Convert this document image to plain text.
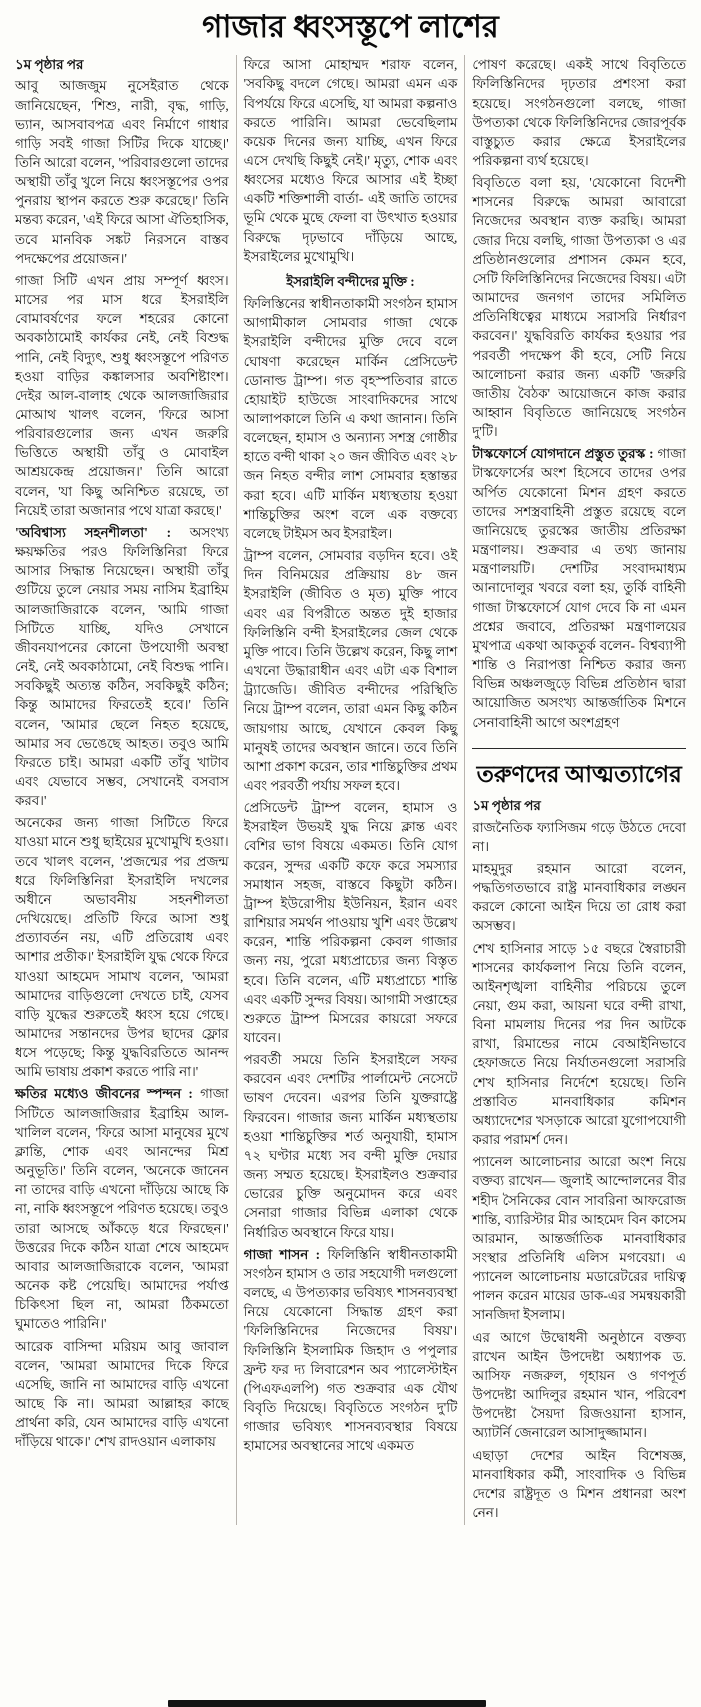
গাজার ধ্বংসস্তূপে লাশের

১ম পৃষ্ঠার পর

আবু আজজুম নুসেইরাত থেকে জানিয়েছেন, 'শিশু, নারী, বৃদ্ধ, গাড়ি, ভ্যান, আসবাবপত্র এবং নির্মাণে গাধার গাড়ি সবই গাজা সিটির দিকে যাচ্ছে।' তিনি আরো বলেন, 'পরিবারগুলো তাদের অস্থায়ী তাঁবু খুলে নিয়ে ধ্বংসস্তূপের ওপর পুনরায় স্থাপন করতে শুরু করেছে।' তিনি মন্তব্য করেন, 'এই ফিরে আসা ঐতিহাসিক, তবে মানবিক সঙ্কট নিরসনে বাস্তব পদক্ষেপের প্রয়োজন।'

গাজা সিটি এখন প্রায় সম্পূর্ণ ধ্বংস। মাসের পর মাস ধরে ইসরাইলি বোমাবর্ষণের ফলে শহরের কোনো অবকাঠামোই কার্যকর নেই, নেই বিশুদ্ধ পানি, নেই বিদ্যুৎ, শুধু ধ্বংসস্তূপে পরিণত হওয়া বাড়ির কঙ্কালসার অবশিষ্টাংশ। দেইর আল-বালাহ থেকে আলজাজিরার মোআথ খালৎ বলেন, 'ফিরে আসা পরিবারগুলোর জন্য এখন জরুরি ভিত্তিতে অস্থায়ী তাঁবু ও মোবাইল আশ্রয়কেন্দ্র প্রয়োজন।' তিনি আরো বলেন, 'যা কিছু অনিশ্চিত রয়েছে, তা নিয়েই তারা অজানার পথে যাত্রা করছে।'

'অবিশ্বাস্য সহনশীলতা' : অসংখ্য ক্ষয়ক্ষতির পরও ফিলিস্তিনিরা ফিরে আসার সিদ্ধান্ত নিয়েছেন। অস্থায়ী তাঁবু গুটিয়ে তুলে নেয়ার সময় নাসিম ইব্রাহিম আলজাজিরাকে বলেন, 'আমি গাজা সিটিতে যাচ্ছি, যদিও সেখানে জীবনযাপনের কোনো উপযোগী অবস্থা নেই, নেই অবকাঠামো, নেই বিশুদ্ধ পানি। সবকিছুই অত্যন্ত কঠিন, সবকিছুই কঠিন; কিন্তু আমাদের ফিরতেই হবে।' তিনি বলেন, 'আমার ছেলে নিহত হয়েছে, আমার সব ভেঙেছে আহত। তবুও আমি ফিরতে চাই। আমরা একটি তাঁবু খাটাব এবং যেভাবে সম্ভব, সেখানেই বসবাস করব।'

অনেকের জন্য গাজা সিটিতে ফিরে যাওয়া মানে শুধু ছাইয়ের মুখোমুখি হওয়া। তবে খালৎ বলেন, 'প্রজন্মের পর প্রজন্ম ধরে ফিলিস্তিনিরা ইসরাইলি দখলের অধীনে অভাবনীয় সহনশীলতা দেখিয়েছে। প্রতিটি ফিরে আসা শুধু প্রত্যাবর্তন নয়, এটি প্রতিরোধ এবং আশার প্রতীক।' ইসরাইলি যুদ্ধ থেকে ফিরে যাওয়া আহমেদ সামাখ বলেন, 'আমরা আমাদের বাড়িগুলো দেখতে চাই, যেসব বাড়ি যুদ্ধের শুরুতেই ধ্বংস হয়ে গেছে। আমাদের সন্তানদের উপর ছাদের ফ্লোর ধসে পড়েছে; কিন্তু যুদ্ধবিরতিতে আনন্দ আমি ভাষায় প্রকাশ করতে পারি না।'

ক্ষতির মধ্যেও জীবনের স্পন্দন : গাজা সিটিতে আলজাজিরার ইব্রাহিম আল-খালিল বলেন, 'ফিরে আসা মানুষের মুখে ক্লান্তি, শোক এবং আনন্দের মিশ্র অনুভূতি।' তিনি বলেন, 'অনেকে জানেন না তাদের বাড়ি এখনো দাঁড়িয়ে আছে কি না, নাকি ধ্বংসস্তূপে পরিণত হয়েছে। তবুও তারা আসছে আঁকড়ে ধরে ফিরছেন।' উত্তরের দিকে কঠিন যাত্রা শেষে আহমেদ আবার আলজাজিরাকে বলেন, 'আমরা অনেক কষ্ট পেয়েছি। আমাদের পর্যাপ্ত চিকিৎসা ছিল না, আমরা ঠিকমতো ঘুমাতেও পারিনি।'

আরেক বাসিন্দা মরিয়ম আবু জাবাল বলেন, 'আমরা আমাদের দিকে ফিরে এসেছি, জানি না আমাদের বাড়ি এখনো আছে কি না। আমরা আল্লাহর কাছে প্রার্থনা করি, যেন আমাদের বাড়ি এখনো দাঁড়িয়ে থাকে।' শেখ রাদওয়ান এলাকায়

ফিরে আসা মোহাম্মদ শরাফ বলেন, 'সবকিছু বদলে গেছে। আমরা এমন এক বিপর্যয়ে ফিরে এসেছি, যা আমরা কল্পনাও করতে পারিনি। আমরা ভেবেছিলাম কয়েক দিনের জন্য যাচ্ছি, এখন ফিরে এসে দেখছি কিছুই নেই।' মৃত্যু, শোক এবং ধ্বংসের মধ্যেও ফিরে আসার এই ইচ্ছা একটি শক্তিশালী বার্তা- এই জাতি তাদের ভূমি থেকে মুছে ফেলা বা উৎখাত হওয়ার বিরুদ্ধে দৃঢ়ভাবে দাঁড়িয়ে আছে, ইসরাইলের মুখোমুখি।

ইসরাইলি বন্দীদের মুক্তি :

ফিলিস্তিনের স্বাধীনতাকামী সংগঠন হামাস আগামীকাল সোমবার গাজা থেকে ইসরাইলি বন্দীদের মুক্তি দেবে বলে ঘোষণা করেছেন মার্কিন প্রেসিডেন্ট ডোনাল্ড ট্রাম্প। গত বৃহস্পতিবার রাতে হোয়াইট হাউজে সাংবাদিকদের সাথে আলাপকালে তিনি এ কথা জানান। তিনি বলেছেন, হামাস ও অন্যান্য সশস্ত্র গোষ্ঠীর হাতে বন্দী থাকা ২০ জন জীবিত এবং ২৮ জন নিহত বন্দীর লাশ সোমবার হস্তান্তর করা হবে। এটি মার্কিন মধ্যস্থতায় হওয়া শান্তিচুক্তির অংশ বলে এক বক্তব্যে বলেছে টাইমস অব ইসরাইল।

ট্রাম্প বলেন, সোমবার বড়দিন হবে। ওই দিন বিনিময়ের প্রক্রিয়ায় ৪৮ জন ইসরাইলি (জীবিত ও মৃত) মুক্তি পাবে এবং এর বিপরীতে অন্তত দুই হাজার ফিলিস্তিনি বন্দী ইসরাইলের জেল থেকে মুক্তি পাবে। তিনি উল্লেখ করেন, কিছু লাশ এখনো উদ্ধারাধীন এবং এটা এক বিশাল ট্র্যাজেডি। জীবিত বন্দীদের পরিস্থিতি নিয়ে ট্রাম্প বলেন, তারা এমন কিছু কঠিন জায়গায় আছে, যেখানে কেবল কিছু মানুষই তাদের অবস্থান জানে। তবে তিনি আশা প্রকাশ করেন, তার শান্তিচুক্তির প্রথম এবং পরবর্তী পর্যায় সফল হবে।

প্রেসিডেন্ট ট্রাম্প বলেন, হামাস ও ইসরাইল উভয়ই যুদ্ধ নিয়ে ক্লান্ত এবং বেশির ভাগ বিষয়ে একমত। তিনি যোগ করেন, সুন্দর একটি কফে করে সমস্যার সমাধান সহজ, বাস্তবে কিছুটা কঠিন। ট্রাম্প ইউরোপীয় ইউনিয়ন, ইরান এবং রাশিয়ার সমর্থন পাওয়ায় খুশি এবং উল্লেখ করেন, শান্তি পরিকল্পনা কেবল গাজার জন্য নয়, পুরো মধ্যপ্রাচ্যের জন্য বিস্তৃত হবে। তিনি বলেন, এটি মধ্যপ্রাচ্যে শান্তি এবং একটি সুন্দর বিষয়। আগামী সপ্তাহের শুরুতে ট্রাম্প মিসরের কায়রো সফরে যাবেন।

পরবর্তী সময়ে তিনি ইসরাইলে সফর করবেন এবং দেশটির পার্লামেন্ট নেসেটে ভাষণ দেবেন। এরপর তিনি যুক্তরাষ্ট্রে ফিরবেন। গাজার জন্য মার্কিন মধ্যস্থতায় হওয়া শান্তিচুক্তির শর্ত অনুযায়ী, হামাস ৭২ ঘণ্টার মধ্যে সব বন্দী মুক্তি দেয়ার জন্য সম্মত হয়েছে। ইসরাইলও শুক্রবার ভোরের চুক্তি অনুমোদন করে এবং সেনারা গাজার বিভিন্ন এলাকা থেকে নির্ধারিত অবস্থানে ফিরে যায়।

গাজা শাসন : ফিলিস্তিনি স্বাধীনতাকামী সংগঠন হামাস ও তার সহযোগী দলগুলো বলছে, এ উপত্যকার ভবিষ্যৎ শাসনব্যবস্থা নিয়ে যেকোনো সিদ্ধান্ত গ্রহণ করা 'ফিলিস্তিনিদের নিজেদের বিষয়'। ফিলিস্তিনি ইসলামিক জিহাদ ও পপুলার ফ্রন্ট ফর দ্য লিবারেশন অব প্যালেস্টাইন (পিএফএলপি) গত শুক্রবার এক যৌথ বিবৃতি দিয়েছে। বিবৃতিতে সংগঠন দু'টি গাজার ভবিষ্যৎ শাসনব্যবস্থার বিষয়ে হামাসের অবস্থানের সাথে একমত

পোষণ করেছে। একই সাথে বিবৃতিতে ফিলিস্তিনিদের দৃঢ়তার প্রশংসা করা হয়েছে। সংগঠনগুলো বলছে, গাজা উপত্যকা থেকে ফিলিস্তিনিদের জোরপূর্বক বাস্তুচ্যুত করার ক্ষেত্রে ইসরাইলের পরিকল্পনা ব্যর্থ হয়েছে।

বিবৃতিতে বলা হয়, 'যেকোনো বিদেশী শাসনের বিরুদ্ধে আমরা আবারো নিজেদের অবস্থান ব্যক্ত করছি। আমরা জোর দিয়ে বলছি, গাজা উপত্যকা ও এর প্রতিষ্ঠানগুলোর প্রশাসন কেমন হবে, সেটি ফিলিস্তিনিদের নিজেদের বিষয়। এটা আমাদের জনগণ তাদের সমিলিত প্রতিনিধিত্বের মাধ্যমে সরাসরি নির্ধারণ করবেন।' যুদ্ধবিরতি কার্যকর হওয়ার পর পরবর্তী পদক্ষেপ কী হবে, সেটি নিয়ে আলোচনা করার জন্য একটি 'জরুরি জাতীয় বৈঠক' আয়োজনে কাজ করার আহ্বান বিবৃতিতে জানিয়েছে সংগঠন দু'টি।

টাস্কফোর্সে যোগদানে প্রস্তুত তুরস্ক : গাজা টাস্কফোর্সের অংশ হিসেবে তাদের ওপর অর্পিত যেকোনো মিশন গ্রহণ করতে তাদের সশস্ত্রবাহিনী প্রস্তুত রয়েছে বলে জানিয়েছে তুরস্কের জাতীয় প্রতিরক্ষা মন্ত্রণালয়। শুক্রবার এ তথ্য জানায় মন্ত্রণালয়টি। দেশটির সংবাদমাধ্যম আনাদোলুর খবরে বলা হয়, তুর্কি বাহিনী গাজা টাস্কফোর্সে যোগ দেবে কি না এমন প্রশ্নের জবাবে, প্রতিরক্ষা মন্ত্রণালয়ের মুখপাত্র একথা আকতুর্ক বলেন- বিশ্বব্যাপী শান্তি ও নিরাপত্তা নিশ্চিত করার জন্য বিভিন্ন অঞ্চলজুড়ে বিভিন্ন প্রতিষ্ঠান দ্বারা আয়োজিত অসংখ্য আন্তর্জাতিক মিশনে সেনাবাহিনী আগে অংশগ্রহণ

তরুণদের আত্মত্যাগের

১ম পৃষ্ঠার পর

রাজনৈতিক ফ্যাসিজম গড়ে উঠতে দেবো না।

মাহমুদুর রহমান আরো বলেন, পদ্ধতিগতভাবে রাষ্ট্র মানবাধিকার লঙ্ঘন করলে কোনো আইন দিয়ে তা রোধ করা অসম্ভব।

শেখ হাসিনার সাড়ে ১৫ বছরে স্বৈরাচারী শাসনের কার্যকলাপ নিয়ে তিনি বলেন, আইনশৃঙ্খলা বাহিনীর পরিচয়ে তুলে নেয়া, গুম করা, আয়না ঘরে বন্দী রাখা, বিনা মামলায় দিনের পর দিন আটকে রাখা, রিমান্ডের নামে বেআইনিভাবে হেফাজতে নিয়ে নির্যাতনগুলো সরাসরি শেখ হাসিনার নির্দেশে হয়েছে। তিনি প্রস্তাবিত মানবাধিকার কমিশন অধ্যাদেশের খসড়াকে আরো যুগোপযোগী করার পরামর্শ দেন।

প্যানেল আলোচনার আরো অংশ নিয়ে বক্তব্য রাখেন— জুলাই আন্দোলনের বীর শহীদ সৈনিকের বোন সাবরিনা আফরোজ শান্তি, ব্যারিস্টার মীর আহমেদ বিন কাসেম আরমান, আন্তর্জাতিক মানবাধিকার সংস্থার প্রতিনিধি এলিস মগবেয়া। এ প্যানেল আলোচনায় মডারেটরের দায়িত্ব পালন করেন মায়ের ডাক-এর সমন্বয়কারী সানজিদা ইসলাম।

এর আগে উদ্বোধনী অনুষ্ঠানে বক্তব্য রাখেন আইন উপদেষ্টা অধ্যাপক ড. আসিফ নজরুল, গৃহায়ন ও গণপূর্ত উপদেষ্টা আদিলুর রহমান খান, পরিবেশ উপদেষ্টা সৈয়দা রিজওয়ানা হাসান, অ্যাটর্নি জেনারেল আসাদুজ্জামান।

এছাড়া দেশের আইন বিশেষজ্ঞ, মানবাধিকার কর্মী, সাংবাদিক ও বিভিন্ন দেশের রাষ্ট্রদূত ও মিশন প্রধানরা অংশ নেন।
